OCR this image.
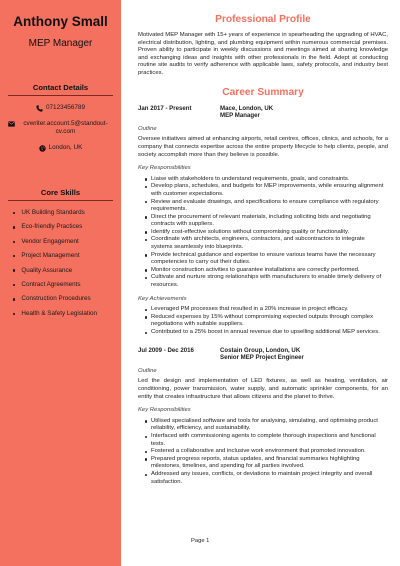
Anthony Small
MEP Manager
Contact Details
07123456789
cvwriter.account.5@standout-cv.com
London, UK
Core Skills
UK Building Standards
Eco-friendly Practices
Vendor Engagement
Project Management
Quality Assurance
Contract Agreements
Construction Procedures
Health & Safety Legislation
Professional Profile

Motivated MEP Manager with 15+ years of experience in spearheading the upgrading of HVAC, electrical distribution, lighting, and plumbing equipment within numerous commercial premises. Proven ability to participate in weekly discussions and meetings aimed at sharing knowledge and exchanging ideas and insights with other professionals in the field. Adept at conducting routine site audits to verify adherence with applicable laws, safety protocols, and industry best practices.

Career Summary
Jan 2017 - Present	Mace, London, UK
MEP Manager
Outline

Oversee initiatives aimed at enhancing airports, retail centres, offices, clinics, and schools, for a company that connects expertise across the entire property lifecycle to help clients, people, and society accomplish more than they believe is possible.

Key Responsibilities
Liaise with stakeholders to understand requirements, goals, and constraints.
Develop plans, schedules, and budgets for MEP improvements, while ensuring alignment with customer expectations.
Review and evaluate drawings, and specifications to ensure compliance with regulatory requirements.
Direct the procurement of relevant materials, including soliciting bids and negotiating contracts with suppliers.
Identify cost-effective solutions without compromising quality or functionality.
Coordinate with architects, engineers, contractors, and subcontractors to integrate systems seamlessly into blueprints.
Provide technical guidance and expertise to ensure various teams have the necessary competencies to carry out their duties.
Monitor construction activities to guarantee installations are correctly performed.
Cultivate and nurture strong relationships with manufacturers to enable timely delivery of resources.
Key Achievements
Leveraged PM processes that resulted in a 20% increase in project efficacy.
Reduced expenses by 15% without compromising expected outputs through complex negotiations with suitable suppliers.
Contributed to a 25% boost in annual revenue due to upselling additional MEP services.
Jul 2009 - Dec 2016	Costain Group, London, UK
Senior MEP Project Engineer
Outline

Led the design and implementation of LED fixtures, as well as heating, ventilation, air conditioning, power transmission, water supply, and automatic sprinkler components, for an entity that creates infrastructure that allows citizens and the planet to thrive.

Key Responsibilities
Utilised specialised software and tools for analysing, simulating, and optimising product reliability, efficiency, and sustainability.
Interfaced with commissioning agents to complete thorough inspections and functional tests.
Fostered a collaborative and inclusive work environment that promoted innovation.
Prepared progress reports, status updates, and financial summaries highlighting milestones, timelines, and spending for all parties involved.
Addressed any issues, conflicts, or deviations to maintain project integrity and overall satisfaction.
Page 1
